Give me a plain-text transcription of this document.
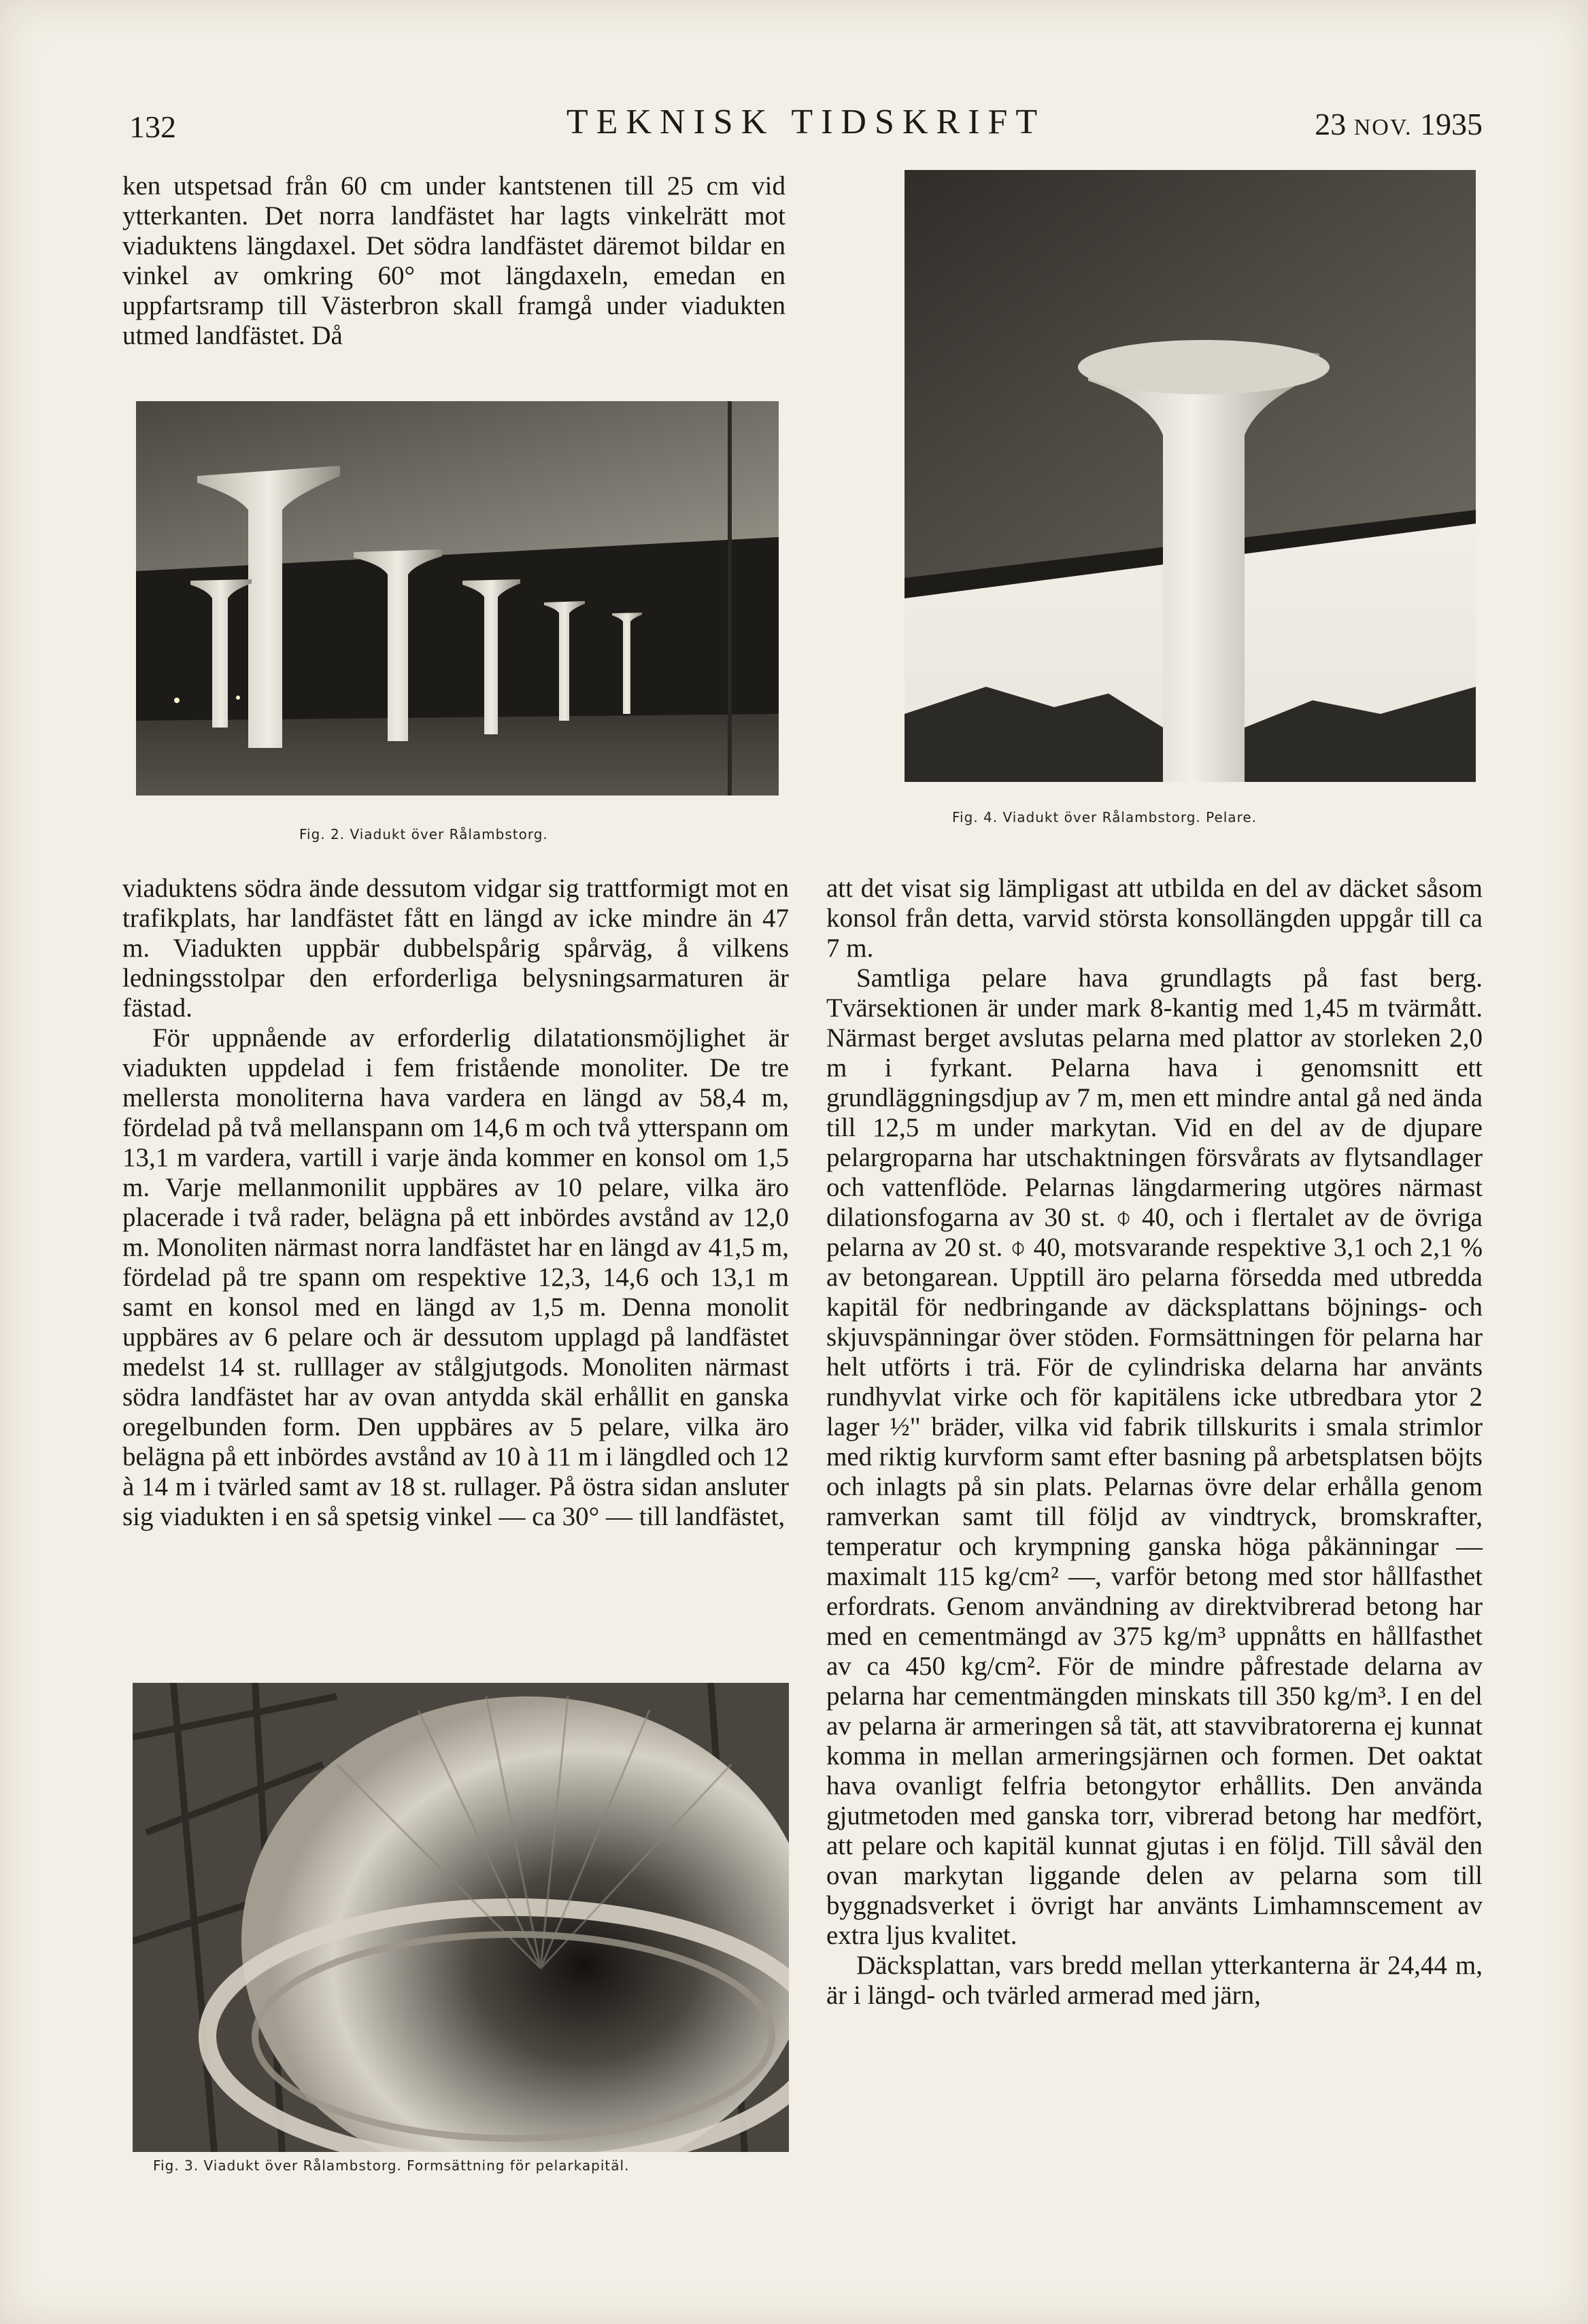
132	TEKNISK TIDSKRIFT	23 NOV. 1935

ken utspetsad från 60 cm under kantstenen till 25 cm vid ytterkanten. Det norra landfästet har lagts vinkelrätt mot viaduktens längdaxel. Det södra landfästet däremot bildar en vinkel av omkring 60° mot längdaxeln, emedan en uppfartsramp till Västerbron skall framgå under viadukten utmed landfästet. Då

Fig. 2. Viadukt över Rålambstorg.

viaduktens södra ände dessutom vidgar sig trattformigt mot en trafikplats, har landfästet fått en längd av icke mindre än 47 m. Viadukten uppbär dubbelspårig spårväg, å vilkens ledningsstolpar den erforderliga belysningsarmaturen är fästad.

För uppnående av erforderlig dilatationsmöjlighet är viadukten uppdelad i fem fristående monoliter. De tre mellersta monoliterna hava vardera en längd av 58,4 m, fördelad på två mellanspann om 14,6 m och två ytterspann om 13,1 m vardera, vartill i varje ända kommer en konsol om 1,5 m. Varje mellanmonilit uppbäres av 10 pelare, vilka äro placerade i två rader, belägna på ett inbördes avstånd av 12,0 m. Monoliten närmast norra landfästet har en längd av 41,5 m, fördelad på tre spann om respektive 12,3, 14,6 och 13,1 m samt en konsol med en längd av 1,5 m. Denna monolit uppbäres av 6 pelare och är dessutom upplagd på landfästet medelst 14 st. rulllager av stålgjutgods. Monoliten närmast södra landfästet har av ovan antydda skäl erhållit en ganska oregelbunden form. Den uppbäres av 5 pelare, vilka äro belägna på ett inbördes avstånd av 10 à 11 m i längdled och 12 à 14 m i tvärled samt av 18 st. rullager. På östra sidan ansluter sig viadukten i en så spetsig vinkel — ca 30° — till landfästet,

Fig. 3. Viadukt över Rålambstorg. Formsättning för pelarkapitäl.
Fig. 4. Viadukt över Rålambstorg. Pelare.

att det visat sig lämpligast att utbilda en del av däcket såsom konsol från detta, varvid största konsollängden uppgår till ca 7 m.

Samtliga pelare hava grundlagts på fast berg. Tvärsektionen är under mark 8-kantig med 1,45 m tvärmått. Närmast berget avslutas pelarna med plattor av storleken 2,0 m i fyrkant. Pelarna hava i genomsnitt ett grundläggningsdjup av 7 m, men ett mindre antal gå ned ända till 12,5 m under markytan. Vid en del av de djupare pelargroparna har utschaktningen försvårats av flytsandlager och vattenflöde. Pelarnas längdarmering utgöres närmast dilationsfogarna av 30 st. ⌽ 40, och i flertalet av de övriga pelarna av 20 st. ⌽ 40, motsvarande respektive 3,1 och 2,1 % av betongarean. Upptill äro pelarna försedda med utbredda kapitäl för nedbringande av däcksplattans böjnings- och skjuvspänningar över stöden. Formsättningen för pelarna har helt utförts i trä. För de cylindriska delarna har använts rundhyvlat virke och för kapitälens icke utbredbara ytor 2 lager ½" bräder, vilka vid fabrik tillskurits i smala strimlor med riktig kurvform samt efter basning på arbetsplatsen böjts och inlagts på sin plats. Pelarnas övre delar erhålla genom ramverkan samt till följd av vindtryck, bromskrafter, temperatur och krympning ganska höga påkänningar — maximalt 115 kg/cm² —, varför betong med stor hållfasthet erfordrats. Genom användning av direktvibrerad betong har med en cementmängd av 375 kg/m³ uppnåtts en hållfasthet av ca 450 kg/cm². För de mindre påfrestade delarna av pelarna har cementmängden minskats till 350 kg/m³. I en del av pelarna är armeringen så tät, att stavvibratorerna ej kunnat komma in mellan armeringsjärnen och formen. Det oaktat hava ovanligt felfria betongytor erhållits. Den använda gjutmetoden med ganska torr, vibrerad betong har medfört, att pelare och kapitäl kunnat gjutas i en följd. Till såväl den ovan markytan liggande delen av pelarna som till byggnadsverket i övrigt har använts Limhamnscement av extra ljus kvalitet.

Däcksplattan, vars bredd mellan ytterkanterna är 24,44 m, är i längd- och tvärled armerad med järn,
